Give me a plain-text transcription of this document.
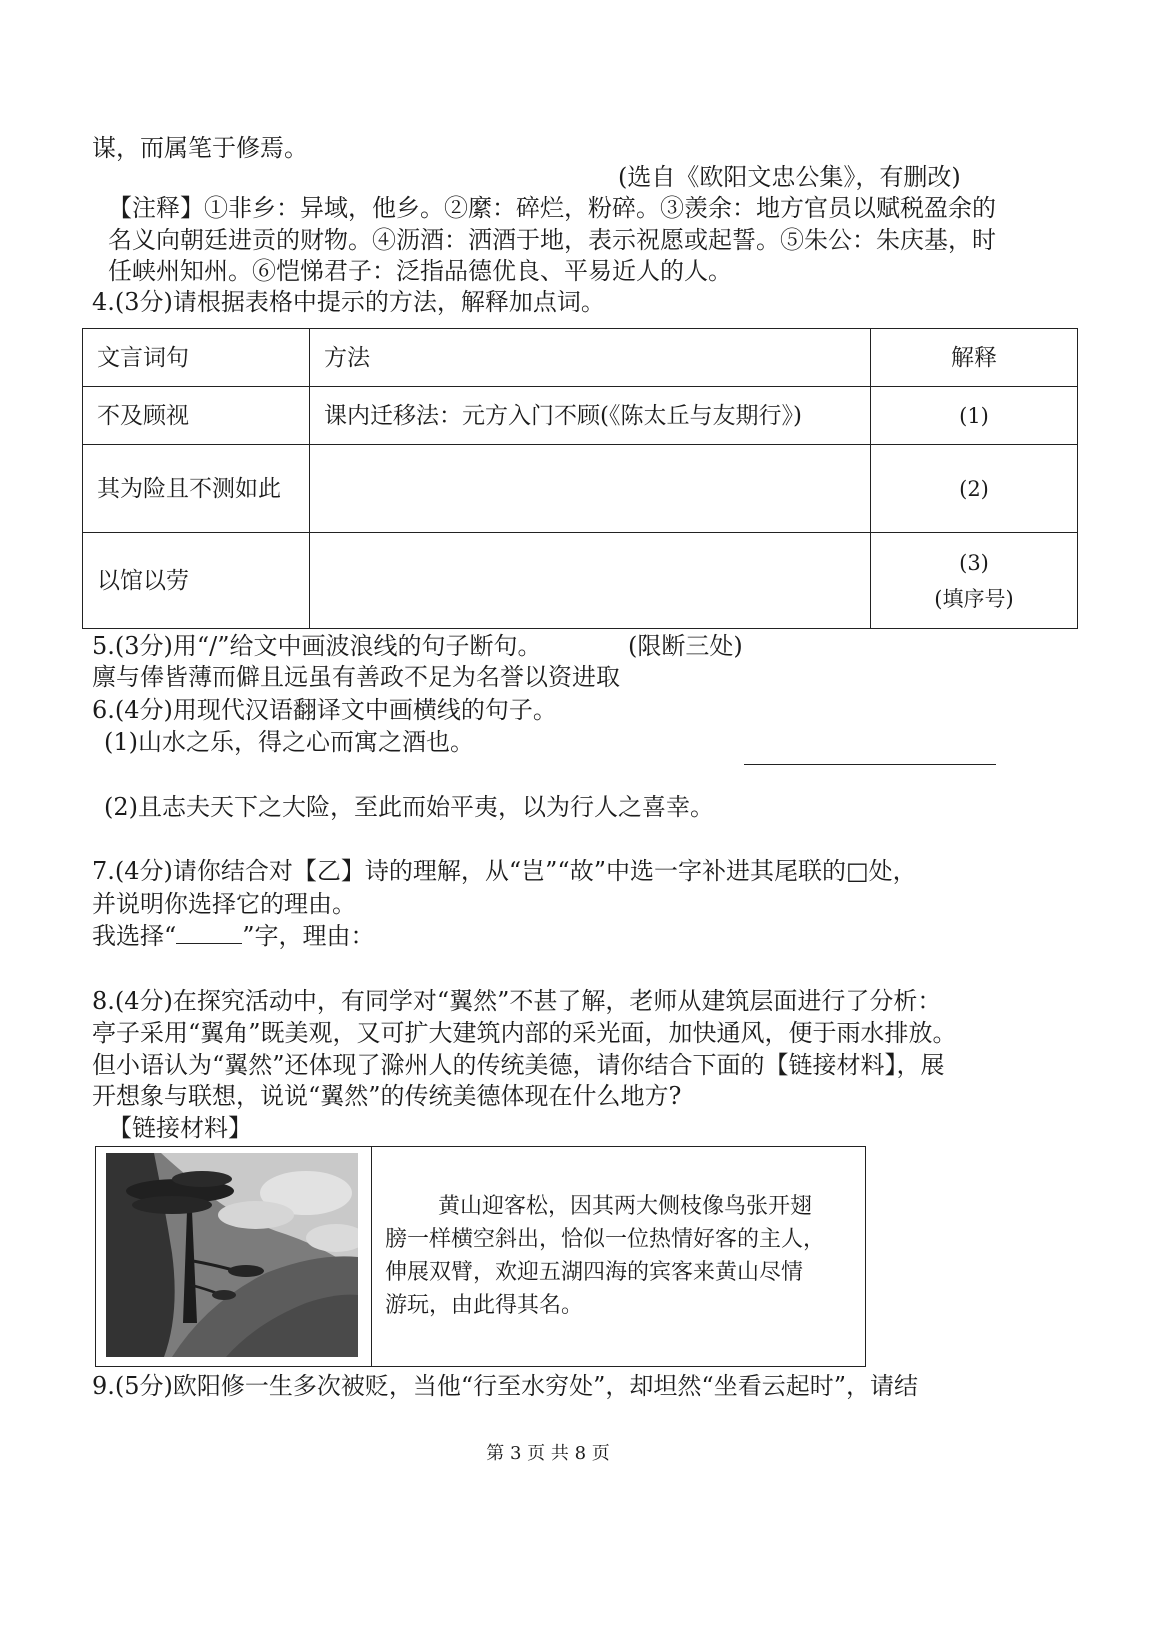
谋，而属笔于修焉。
(选自《欧阳文忠公集》，有删改)
【注释】①非乡：异域，他乡。②縻：碎烂，粉碎。③羡余：地方官员以赋税盈余的
名义向朝廷进贡的财物。④沥酒：洒酒于地，表示祝愿或起誓。⑤朱公：朱庆基，时
任峡州知州。⑥恺悌君子：泛指品德优良、平易近人的人。
4.(3分)请根据表格中提示的方法，解释加点词。
文言词句	方法	解释
不及顾视	课内迁移法：元方入门不顾(《陈太丘与友期行》)	(1)
其为险且不测如此		(2)
以馆以劳		(3)
(填序号)
5.(3分)用“/”给文中画波浪线的句子断句。	(限断三处)
廪与俸皆薄而僻且远虽有善政不足为名誉以资进取
6.(4分)用现代汉语翻译文中画横线的句子。
(1)山水之乐，得之心而寓之酒也。
(2)且志夫天下之大险，至此而始平夷，以为行人之喜幸。
7.(4分)请你结合对【乙】诗的理解，从“岂”“故”中选一字补进其尾联的□处，
并说明你选择它的理由。
我选择“	”字，理由：
8.(4分)在探究活动中，有同学对“翼然”不甚了解，老师从建筑层面进行了分析：
亭子采用“翼角”既美观，又可扩大建筑内部的采光面，加快通风，便于雨水排放。
但小语认为“翼然”还体现了滁州人的传统美德，请你结合下面的【链接材料】，展
开想象与联想，说说“翼然”的传统美德体现在什么地方?
【链接材料】
黄山迎客松，因其两大侧枝像鸟张开翅
膀一样横空斜出，恰似一位热情好客的主人，
伸展双臂，欢迎五湖四海的宾客来黄山尽情
游玩，由此得其名。
9.(5分)欧阳修一生多次被贬，当他“行至水穷处”，却坦然“坐看云起时”，请结
第 3 页 共 8 页
